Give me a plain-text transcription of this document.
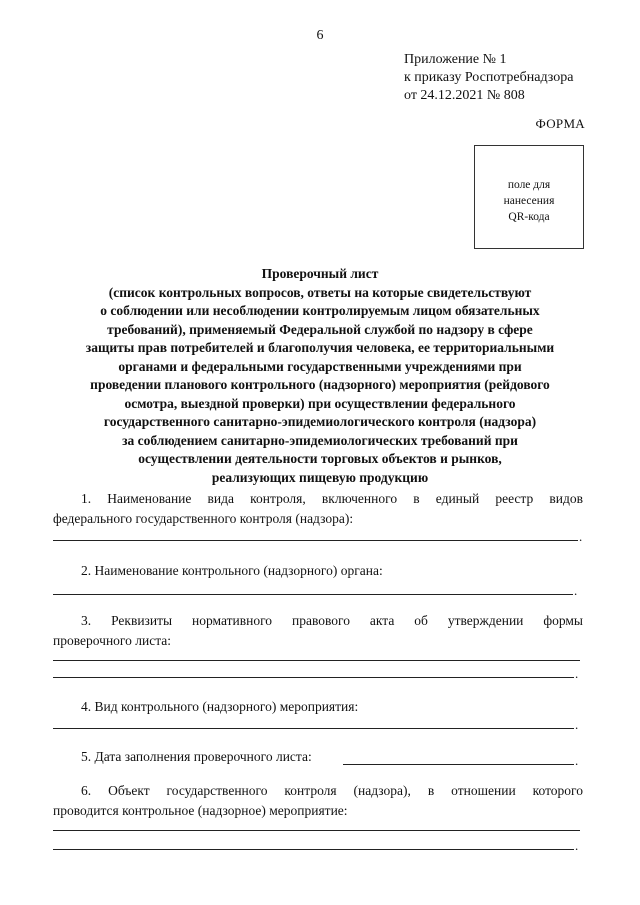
6
Приложение № 1
к приказу Роспотребнадзора
от 24.12.2021 № 808
ФОРМА
поле для
нанесения
QR-кода
Проверочный лист
(список контрольных вопросов, ответы на которые свидетельствуют
о соблюдении или несоблюдении контролируемым лицом обязательных
требований), применяемый Федеральной службой по надзору в сфере
защиты прав потребителей и благополучия человека, ее территориальными
органами и федеральными государственными учреждениями при
проведении планового контрольного (надзорного) мероприятия (рейдового
осмотра, выездной проверки) при осуществлении федерального
государственного санитарно-эпидемиологического контроля (надзора)
за соблюдением санитарно-эпидемиологических требований при
осуществлении деятельности торговых объектов и рынков,
реализующих пищевую продукцию
1. Наименование вида контроля, включенного в единый реестр видов
федерального государственного контроля (надзора):
.
2. Наименование контрольного (надзорного) органа:
.
3. Реквизиты нормативного правового акта об утверждении формы
проверочного листа:
.
4. Вид контрольного (надзорного) мероприятия:
.
5. Дата заполнения проверочного листа:	.
6. Объект государственного контроля (надзора), в отношении которого
проводится контрольное (надзорное) мероприятие:
.
